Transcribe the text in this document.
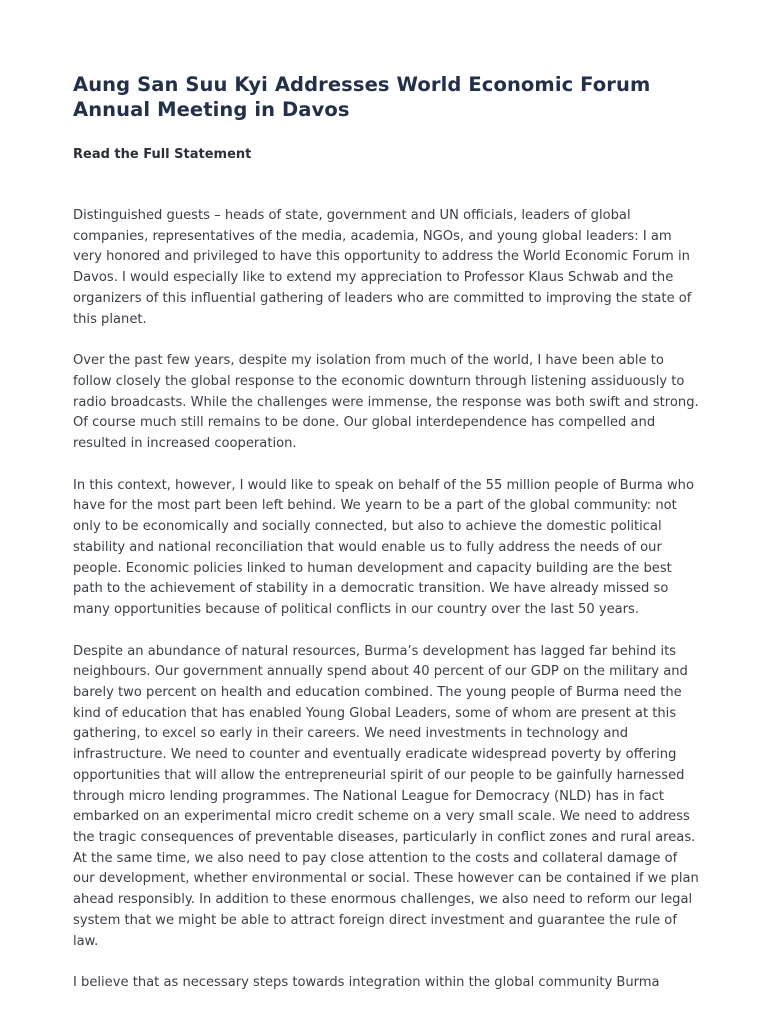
Aung San Suu Kyi Addresses World Economic Forum Annual Meeting in Davos
Read the Full Statement

Distinguished guests – heads of state, government and UN officials, leaders of global companies, representatives of the media, academia, NGOs, and young global leaders: I am very honored and privileged to have this opportunity to address the World Economic Forum in Davos. I would especially like to extend my appreciation to Professor Klaus Schwab and the organizers of this influential gathering of leaders who are committed to improving the state of this planet.

Over the past few years, despite my isolation from much of the world, I have been able to follow closely the global response to the economic downturn through listening assiduously to radio broadcasts. While the challenges were immense, the response was both swift and strong. Of course much still remains to be done. Our global interdependence has compelled and resulted in increased cooperation.

In this context, however, I would like to speak on behalf of the 55 million people of Burma who have for the most part been left behind. We yearn to be a part of the global community: not only to be economically and socially connected, but also to achieve the domestic political stability and national reconciliation that would enable us to fully address the needs of our people. Economic policies linked to human development and capacity building are the best path to the achievement of stability in a democratic transition. We have already missed so many opportunities because of political conflicts in our country over the last 50 years.

Despite an abundance of natural resources, Burma’s development has lagged far behind its neighbours. Our government annually spend about 40 percent of our GDP on the military and barely two percent on health and education combined. The young people of Burma need the kind of education that has enabled Young Global Leaders, some of whom are present at this gathering, to excel so early in their careers. We need investments in technology and infrastructure. We need to counter and eventually eradicate widespread poverty by offering opportunities that will allow the entrepreneurial spirit of our people to be gainfully harnessed through micro lending programmes. The National League for Democracy (NLD) has in fact embarked on an experimental micro credit scheme on a very small scale. We need to address the tragic consequences of preventable diseases, particularly in conflict zones and rural areas. At the same time, we also need to pay close attention to the costs and collateral damage of our development, whether environmental or social. These however can be contained if we plan ahead responsibly. In addition to these enormous challenges, we also need to reform our legal system that we might be able to attract foreign direct investment and guarantee the rule of law.

I believe that as necessary steps towards integration within the global community Burma
